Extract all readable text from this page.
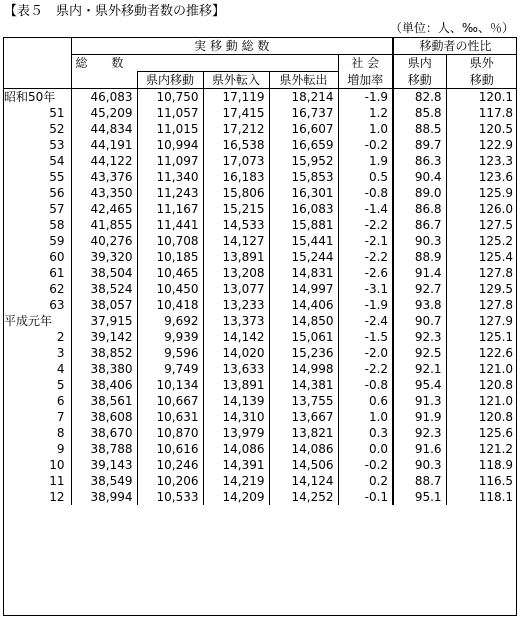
【表５　県内・県外移動者数の推移】
（単位：人、‰、％）
	実 移 動 総 数					移動者の性比	
	総 数				社 会	県内	県外
		県内移動	県外転入	県外転出	増加率	移動	移動
昭和50年	46,083	10,750	17,119	18,214	-1.9	82.8	120.1
51	45,209	11,057	17,415	16,737	1.2	85.8	117.8
52	44,834	11,015	17,212	16,607	1.0	88.5	120.5
53	44,191	10,994	16,538	16,659	-0.2	89.7	122.9
54	44,122	11,097	17,073	15,952	1.9	86.3	123.3
55	43,376	11,340	16,183	15,853	0.5	90.4	123.6
56	43,350	11,243	15,806	16,301	-0.8	89.0	125.9
57	42,465	11,167	15,215	16,083	-1.4	86.8	126.0
58	41,855	11,441	14,533	15,881	-2.2	86.7	127.5
59	40,276	10,708	14,127	15,441	-2.1	90.3	125.2
60	39,320	10,185	13,891	15,244	-2.2	88.9	125.4
61	38,504	10,465	13,208	14,831	-2.6	91.4	127.8
62	38,524	10,450	13,077	14,997	-3.1	92.7	129.5
63	38,057	10,418	13,233	14,406	-1.9	93.8	127.8
平成元年	37,915	9,692	13,373	14,850	-2.4	90.7	127.9
2	39,142	9,939	14,142	15,061	-1.5	92.3	125.1
3	38,852	9,596	14,020	15,236	-2.0	92.5	122.6
4	38,380	9,749	13,633	14,998	-2.2	92.1	121.0
5	38,406	10,134	13,891	14,381	-0.8	95.4	120.8
6	38,561	10,667	14,139	13,755	0.6	91.3	121.0
7	38,608	10,631	14,310	13,667	1.0	91.9	120.8
8	38,670	10,870	13,979	13,821	0.3	92.3	125.6
9	38,788	10,616	14,086	14,086	0.0	91.6	121.2
10	39,143	10,246	14,391	14,506	-0.2	90.3	118.9
11	38,549	10,206	14,219	14,124	0.2	88.7	116.5
12	38,994	10,533	14,209	14,252	-0.1	95.1	118.1
